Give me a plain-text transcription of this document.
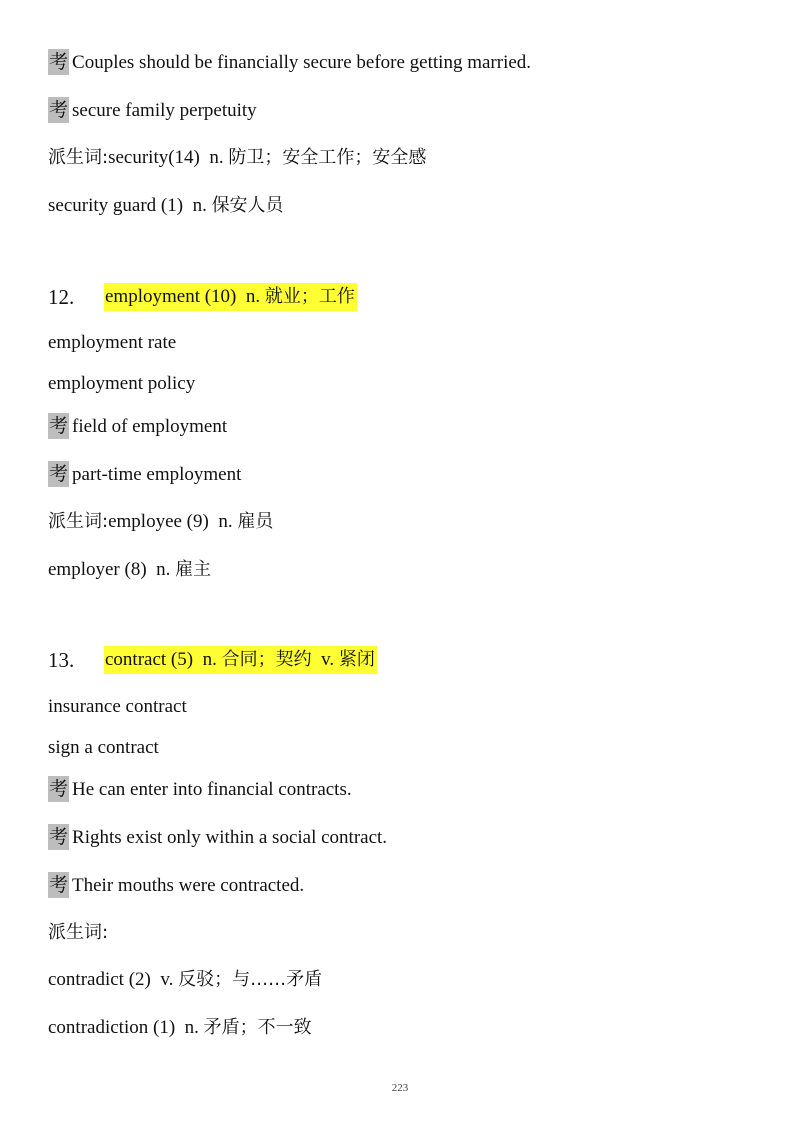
考 Couples should be financially secure before getting married.
考 secure family perpetuity
派生词:security(14) n. 防卫；安全工作；安全感
security guard (1) n. 保安人员
12. employment (10) n. 就业；工作
employment rate
employment policy
考 field of employment
考 part-time employment
派生词:employee (9) n. 雇员
employer (8) n. 雇主
13. contract (5) n. 合同；契约 v. 紧闭
insurance contract
sign a contract
考 He can enter into financial contracts.
考 Rights exist only within a social contract.
考 Their mouths were contracted.
派生词:
contradict (2) v. 反驳；与……矛盾
contradiction (1) n. 矛盾；不一致
223
